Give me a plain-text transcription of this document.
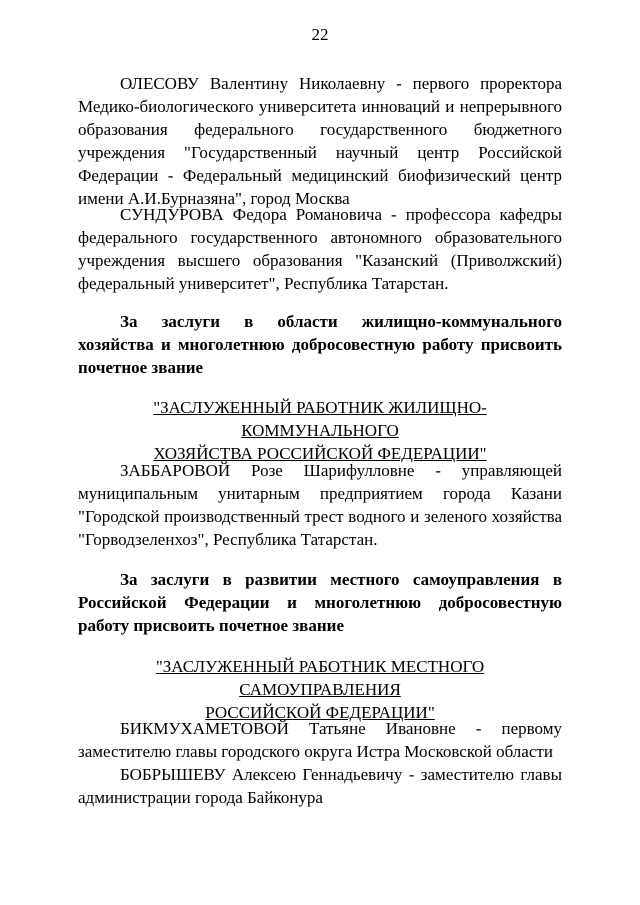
22

ОЛЕСОВУ Валентину Николаевну - первого проректора Медико-биологического университета инноваций и непрерывного образования федерального государственного бюджетного учреждения "Государственный научный центр Российской Федерации - Федеральный медицинский биофизический центр имени А.И.Бурназяна", город Москва

СУНДУРОВА Федора Романовича - профессора кафедры федерального государственного автономного образовательного учреждения высшего образования "Казанский (Приволжский) федеральный университет", Республика Татарстан.

За заслуги в области жилищно-коммунального хозяйства и многолетнюю добросовестную работу присвоить почетное звание

"ЗАСЛУЖЕННЫЙ РАБОТНИК ЖИЛИЩНО-КОММУНАЛЬНОГО
ХОЗЯЙСТВА РОССИЙСКОЙ ФЕДЕРАЦИИ"

ЗАББАРОВОЙ Розе Шарифулловне - управляющей муниципальным унитарным предприятием города Казани "Городской производственный трест водного и зеленого хозяйства "Горводзеленхоз", Республика Татарстан.

За заслуги в развитии местного самоуправления в Российской Федерации и многолетнюю добросовестную работу присвоить почетное звание

"ЗАСЛУЖЕННЫЙ РАБОТНИК МЕСТНОГО САМОУПРАВЛЕНИЯ
РОССИЙСКОЙ ФЕДЕРАЦИИ"

БИКМУХАМЕТОВОЙ Татьяне Ивановне - первому заместителю главы городского округа Истра Московской области

БОБРЫШЕВУ Алексею Геннадьевичу - заместителю главы администрации города Байконура
